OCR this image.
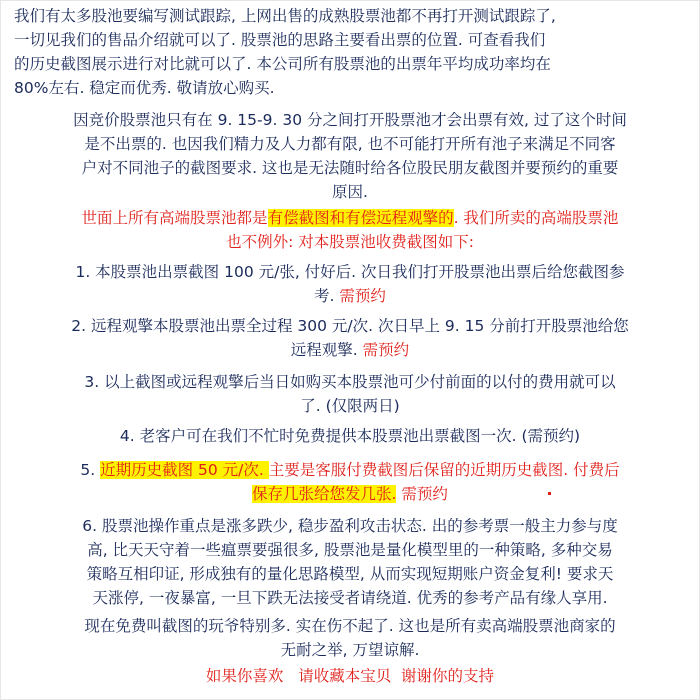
我们有太多股池要编写测试跟踪, 上网出售的成熟股票池都不再打开测试跟踪了,
一切见我们的售品介绍就可以了. 股票池的思路主要看出票的位置. 可查看我们
的历史截图展示进行对比就可以了. 本公司所有股票池的出票年平均成功率均在
80%左右. 稳定而优秀. 敬请放心购买.

因竞价股票池只有在 9. 15-9. 30 分之间打开股票池才会出票有效, 过了这个时间
是不出票的. 也因我们精力及人力都有限, 也不可能打开所有池子来满足不同客
户对不同池子的截图要求. 这也是无法随时给各位股民朋友截图并要预约的重要
原因.

世面上所有高端股票池都是有偿截图和有偿远程观擎的. 我们所卖的高端股票池
也不例外: 对本股票池收费截图如下:

1. 本股票池出票截图 100 元/张, 付好后. 次日我们打开股票池出票后给您截图参
考. 需预约

2. 远程观擎本股票池出票全过程 300 元/次. 次日早上 9. 15 分前打开股票池给您
远程观擎. 需预约

3. 以上截图或远程观擎后当日如购买本股票池可少付前面的以付的费用就可以
了. (仅限两日)

4. 老客户可在我们不忙时免费提供本股票池出票截图一次. (需预约)

5. 近期历史截图 50 元/次. 主要是客服付费截图后保留的近期历史截图. 付费后
保存几张给您发几张. 需预约

6. 股票池操作重点是涨多跌少, 稳步盈利攻击状态. 出的参考票一般主力参与度
高, 比天天守着一些瘟票要强很多, 股票池是量化模型里的一种策略, 多种交易
策略互相印证, 形成独有的量化思路模型, 从而实现短期账户资金复利! 要求天
天涨停, 一夜暴富, 一旦下跌无法接受者请绕道. 优秀的参考产品有缘人享用.

现在免费叫截图的玩爷特别多. 实在伤不起了. 这也是所有卖高端股票池商家的
无耐之举, 万望谅解.

如果你喜欢   请收藏本宝贝  谢谢你的支持
